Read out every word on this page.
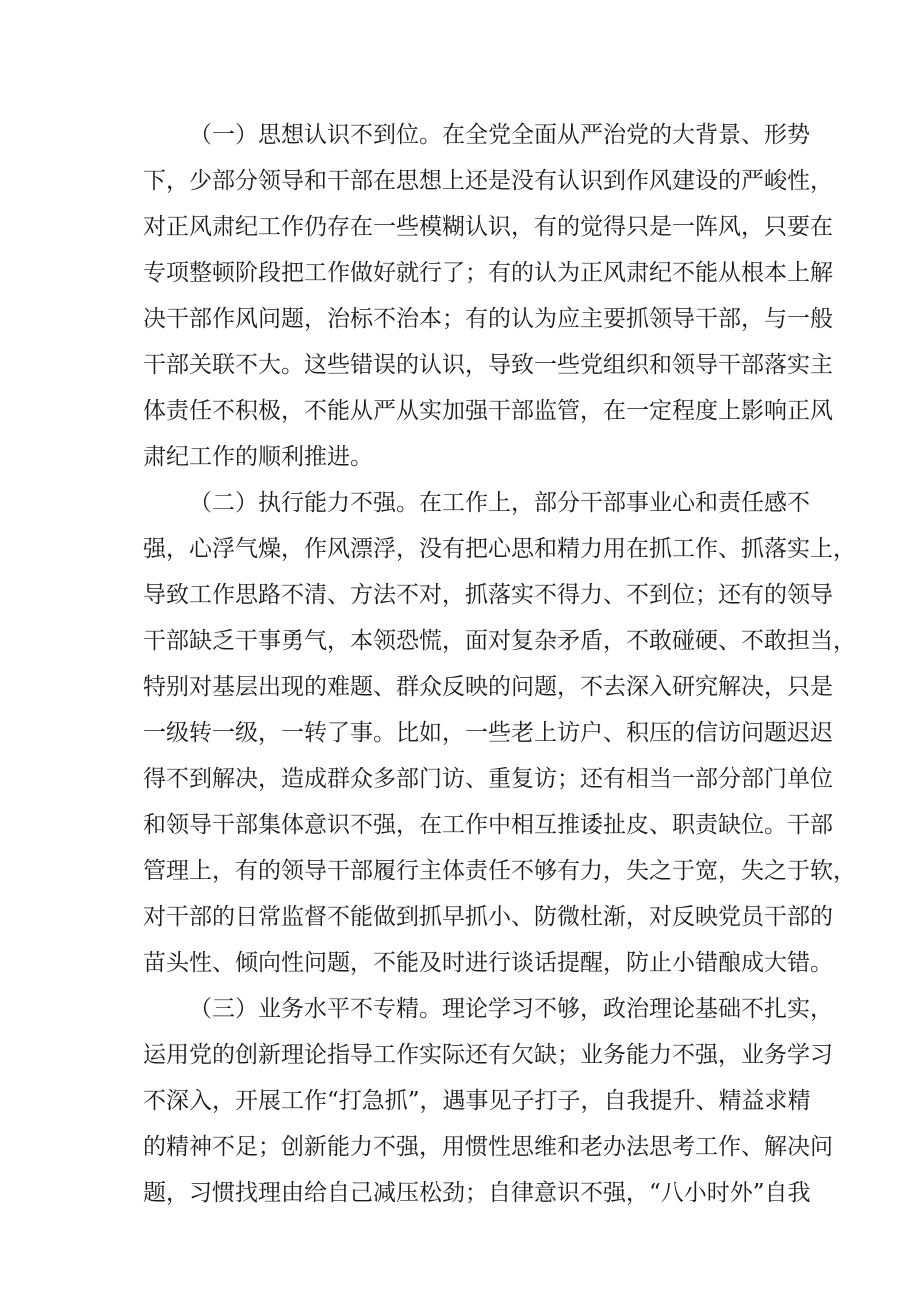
（一）思想认识不到位。在全党全面从严治党的大背景、形势
下，少部分领导和干部在思想上还是没有认识到作风建设的严峻性，
对正风肃纪工作仍存在一些模糊认识，有的觉得只是一阵风，只要在
专项整顿阶段把工作做好就行了；有的认为正风肃纪不能从根本上解
决干部作风问题，治标不治本；有的认为应主要抓领导干部，与一般
干部关联不大。这些错误的认识，导致一些党组织和领导干部落实主
体责任不积极，不能从严从实加强干部监管，在一定程度上影响正风
肃纪工作的顺利推进。
（二）执行能力不强。在工作上，部分干部事业心和责任感不
强，心浮气燥，作风漂浮，没有把心思和精力用在抓工作、抓落实上，
导致工作思路不清、方法不对，抓落实不得力、不到位；还有的领导
干部缺乏干事勇气，本领恐慌，面对复杂矛盾，不敢碰硬、不敢担当，
特别对基层出现的难题、群众反映的问题，不去深入研究解决，只是
一级转一级，一转了事。比如，一些老上访户、积压的信访问题迟迟
得不到解决，造成群众多部门访、重复访；还有相当一部分部门单位
和领导干部集体意识不强，在工作中相互推诿扯皮、职责缺位。干部
管理上，有的领导干部履行主体责任不够有力，失之于宽，失之于软，
对干部的日常监督不能做到抓早抓小、防微杜渐，对反映党员干部的
苗头性、倾向性问题，不能及时进行谈话提醒，防止小错酿成大错。
（三）业务水平不专精。理论学习不够，政治理论基础不扎实，
运用党的创新理论指导工作实际还有欠缺；业务能力不强，业务学习
不深入，开展工作“打急抓”，遇事见子打子，自我提升、精益求精
的精神不足；创新能力不强，用惯性思维和老办法思考工作、解决问
题，习惯找理由给自己减压松劲；自律意识不强，“八小时外”自我
